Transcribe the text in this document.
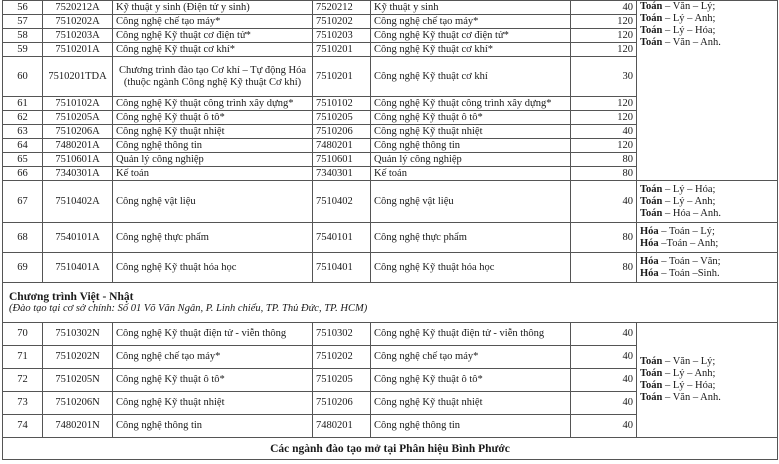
56	7520212A	Kỹ thuật y sinh (Điện tử y sinh)	7520212	Kỹ thuật y sinh	40	Toán – Văn – Lý;
Toán – Lý – Anh;
Toán – Lý – Hóa;
Toán – Văn – Anh.

57	7510202A	Công nghệ chế tạo máy*	7510202	Công nghệ chế tạo máy*	120	
58	7510203A	Công nghệ Kỹ thuật cơ điện tử*	7510203	Công nghệ Kỹ thuật cơ điện tử*	120	
59	7510201A	Công nghệ Kỹ thuật cơ khí*	7510201	Công nghệ Kỹ thuật cơ khí*	120	
60	7510201TDA	Chương trình đào tạo Cơ khí – Tự động Hóa (thuộc ngành Công nghệ Kỹ thuật Cơ khí)	7510201	Công nghệ Kỹ thuật cơ khí	30	
61	7510102A	Công nghệ Kỹ thuật công trình xây dựng*	7510102	Công nghệ Kỹ thuật công trình xây dựng*	120	
62	7510205A	Công nghệ Kỹ thuật ô tô*	7510205	Công nghệ Kỹ thuật ô tô*	120	
63	7510206A	Công nghệ Kỹ thuật nhiệt	7510206	Công nghệ Kỹ thuật nhiệt	40	
64	7480201A	Công nghệ thông tin	7480201	Công nghệ thông tin	120	
65	7510601A	Quản lý công nghiệp	7510601	Quản lý công nghiệp	80	
66	7340301A	Kế toán	7340301	Kế toán	80	
67	7510402A	Công nghệ vật liệu	7510402	Công nghệ vật liệu	40	Toán – Lý – Hóa;
Toán – Lý – Anh;
Toán – Hóa – Anh.

68	7540101A	Công nghệ thực phẩm	7540101	Công nghệ thực phẩm	80	Hóa – Toán – Lý;
Hóa –Toán – Anh;

69	7510401A	Công nghệ Kỹ thuật hóa học	7510401	Công nghệ Kỹ thuật hóa học	80	Hóa – Toán – Văn;
Hóa – Toán –Sinh.

Chương trình Việt - Nhật
(Đào tạo tại cơ sở chính: Số 01 Võ Văn Ngân, P. Linh chiểu, TP. Thủ Đức, TP. HCM)						

70	7510302N	Công nghệ Kỹ thuật điện tử - viễn thông	7510302	Công nghệ Kỹ thuật điện tử - viễn thông	40	Toán – Văn – Lý;
Toán – Lý – Anh;
Toán – Lý – Hóa;
Toán – Văn – Anh.

71	7510202N	Công nghệ chế tạo máy*	7510202	Công nghệ chế tạo máy*	40	
72	7510205N	Công nghệ Kỹ thuật ô tô*	7510205	Công nghệ Kỹ thuật ô tô*	40	
73	7510206N	Công nghệ Kỹ thuật nhiệt	7510206	Công nghệ Kỹ thuật nhiệt	40	
74	7480201N	Công nghệ thông tin	7480201	Công nghệ thông tin	40	
Các ngành đào tạo mở tại Phân hiệu Bình Phước						
